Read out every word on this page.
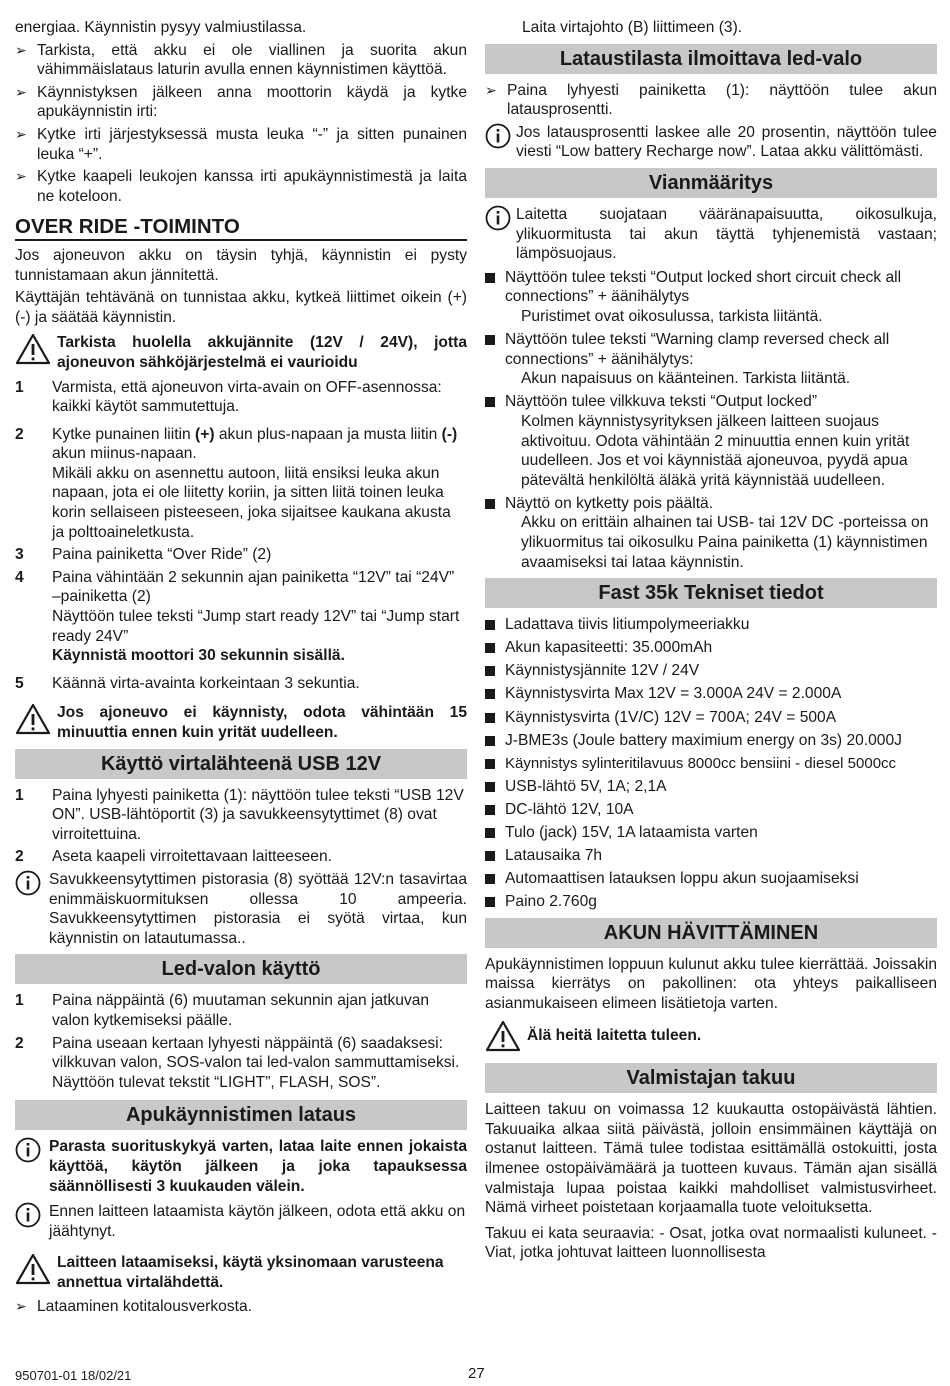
energiaa. Käynnistin pysyy valmiustilassa.

➢ Tarkista, että akku ei ole viallinen ja suorita akun vähimmäislataus laturin avulla ennen käynnistimen käyttöä.
➢ Käynnistyksen jälkeen anna moottorin käydä ja kytke apukäynnistin irti:
➢ Kytke irti järjestyksessä musta leuka “-” ja sitten punainen leuka “+”.
➢ Kytke kaapeli leukojen kanssa irti apukäynnistimestä ja laita ne koteloon.
OVER RIDE -TOIMINTO

Jos ajoneuvon akku on täysin tyhjä, käynnistin ei pysty tunnistamaan akun jännitettä.

Käyttäjän tehtävänä on tunnistaa akku, kytkeä liittimet oikein (+) (-) ja säätää käynnistin.

Tarkista huolella akkujännite (12V / 24V), jotta ajoneuvon sähköjärjestelmä ei vaurioidu
1	Varmista, että ajoneuvon virta-avain on OFF-asennossa: kaikki käytöt sammutettuja.
2	Kytke punainen liitin (+) akun plus-napaan ja musta liitin (-) akun miinus-napaan.
Mikäli akku on asennettu autoon, liitä ensiksi leuka akun napaan, jota ei ole liitetty koriin, ja sitten liitä toinen leuka korin sellaiseen pisteeseen, joka sijaitsee kaukana akusta ja polttoaineletkusta.
3	Paina painiketta “Over Ride” (2)
4	Paina vähintään 2 sekunnin ajan painiketta “12V” tai “24V” –painiketta (2)
Näyttöön tulee teksti “Jump start ready 12V” tai “Jump start ready 24V”
Käynnistä moottori 30 sekunnin sisällä.
5	Käännä virta-avainta korkeintaan 3 sekuntia.
Jos ajoneuvo ei käynnisty, odota vähintään 15 minuuttia ennen kuin yrität uudelleen.
Käyttö virtalähteenä USB 12V
1	Paina lyhyesti painiketta (1): näyttöön tulee teksti “USB 12V ON”. USB-lähtöportit (3) ja savukkeensytyttimet (8) ovat virroitettuina.
2	Aseta kaapeli virroitettavaan laitteeseen.
Savukkeensytyttimen pistorasia (8) syöttää 12V:n tasavirtaa enimmäiskuormituksen ollessa 10 ampeeria. Savukkeensytyttimen pistorasia ei syötä virtaa, kun käynnistin on latautumassa..
Led-valon käyttö
1	Paina näppäintä (6) muutaman sekunnin ajan jatkuvan valon kytkemiseksi päälle.
2	Paina useaan kertaan lyhyesti näppäintä (6) saadaksesi: vilkkuvan valon, SOS-valon tai led-valon sammuttamiseksi. Näyttöön tulevat tekstit “LIGHT”, FLASH, SOS”.
Apukäynnistimen lataus
Parasta suorituskykyä varten, lataa laite ennen jokaista käyttöä, käytön jälkeen ja joka tapauksessa säännöllisesti 3 kuukauden välein.
Ennen laitteen lataamista käytön jälkeen, odota että akku on jäähtynyt.
Laitteen lataamiseksi, käytä yksinomaan varusteena annettua virtalähdettä.
➢ Lataaminen kotitalousverkosta.

Laita virtajohto (B) liittimeen (3).

Lataustilasta ilmoittava led-valo
➢ Paina lyhyesti painiketta (1): näyttöön tulee akun latausprosentti.
Jos latausprosentti laskee alle 20 prosentin, näyttöön tulee viesti “Low battery Recharge now”. Lataa akku välittömästi.
Vianmääritys
Laitetta suojataan vääränapaisuutta, oikosulkuja, ylikuormitusta tai akun täyttä tyhjenemistä vastaan; lämpösuojaus.
Näyttöön tulee teksti “Output locked short circuit check all connections” + äänihälytys
Puristimet ovat oikosulussa, tarkista liitäntä.
Näyttöön tulee teksti “Warning clamp reversed check all connections” + äänihälytys:
Akun napaisuus on käänteinen. Tarkista liitäntä.
Näyttöön tulee vilkkuva teksti “Output locked”

Kolmen käynnistysyrityksen jälkeen laitteen suojaus aktivoituu. Odota vähintään 2 minuuttia ennen kuin yrität uudelleen. Jos et voi käynnistää ajoneuvoa, pyydä apua pätevältä henkilöltä äläkä yritä käynnistää uudelleen.
Näyttö on kytketty pois päältä.

Akku on erittäin alhainen tai USB- tai 12V DC -porteissa on ylikuormitus tai oikosulku Paina painiketta (1) käynnistimen avaamiseksi tai lataa käynnistin.
Fast 35k Tekniset tiedot
Ladattava tiivis litiumpolymeeriakku
Akun kapasiteetti: 35.000mAh
Käynnistysjännite 12V / 24V
Käynnistysvirta Max 12V = 3.000A 24V = 2.000A
Käynnistysvirta (1V/C) 12V = 700A; 24V = 500A
J-BME3s (Joule battery maximium energy on 3s) 20.000J
Käynnistys sylinteritilavuus 8000cc bensiini - diesel 5000cc
USB-lähtö 5V, 1A; 2,1A
DC-lähtö 12V, 10A
Tulo (jack) 15V, 1A lataamista varten
Latausaika 7h
Automaattisen latauksen loppu akun suojaamiseksi
Paino 2.760g
AKUN HÄVITTÄMINEN

Apukäynnistimen loppuun kulunut akku tulee kierrättää. Joissakin maissa kierrätys on pakollinen: ota yhteys paikalliseen asianmukaiseen elimeen lisätietoja varten.

Älä heitä laitetta tuleen.
Valmistajan takuu

Laitteen takuu on voimassa 12 kuukautta ostopäivästä lähtien. Takuuaika alkaa siitä päivästä, jolloin ensimmäinen käyttäjä on ostanut laitteen. Tämä tulee todistaa esittämällä ostokuitti, josta ilmenee ostopäivämäärä ja tuotteen kuvaus. Tämän ajan sisällä valmistaja lupaa poistaa kaikki mahdolliset valmistusvirheet. Nämä virheet poistetaan korjaamalla tuote veloituksetta.

Takuu ei kata seuraavia: - Osat, jotka ovat normaalisti kuluneet. - Viat, jotka johtuvat laitteen luonnollisesta

950701-01 18/02/21	27
